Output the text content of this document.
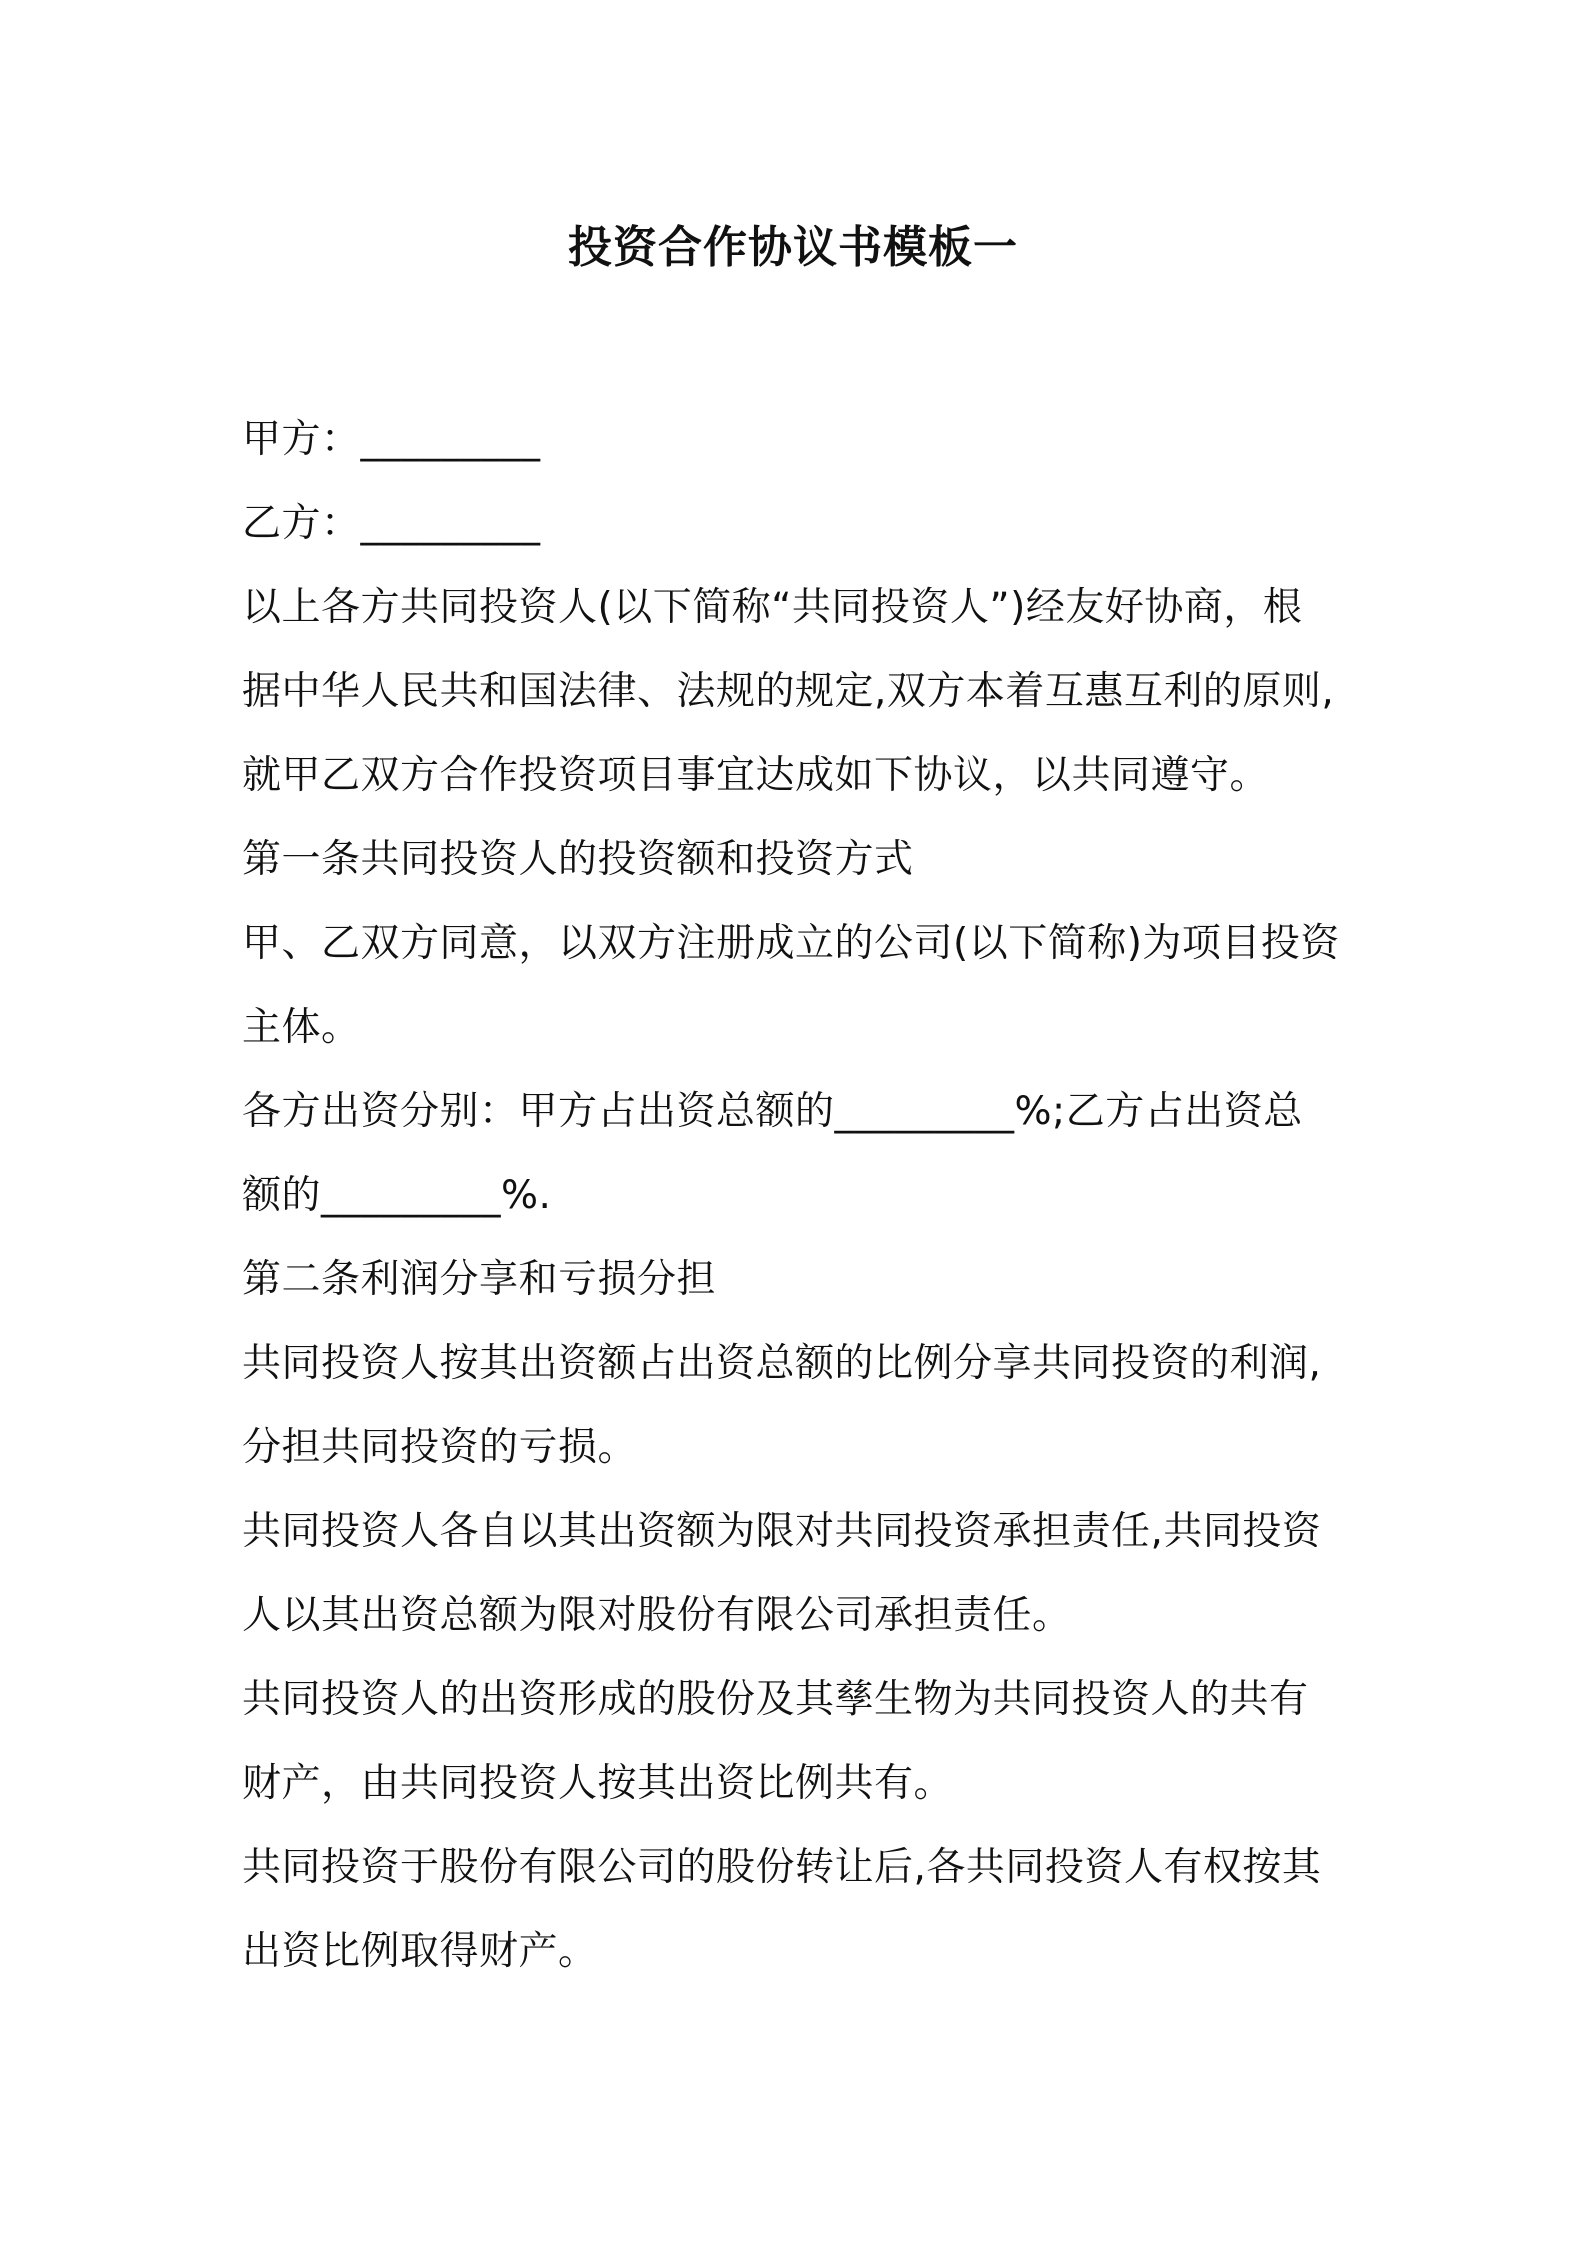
投资合作协议书模板一

甲方：_________

乙方：_________

以上各方共同投资人(以下简称“共同投资人”)经友好协商，根
据中华人民共和国法律、法规的规定,双方本着互惠互利的原则,
就甲乙双方合作投资项目事宜达成如下协议，以共同遵守。

第一条共同投资人的投资额和投资方式

甲、乙双方同意，以双方注册成立的公司(以下简称)为项目投资
主体。

各方出资分别：甲方占出资总额的_________%;乙方占出资总
额的_________%.

第二条利润分享和亏损分担

共同投资人按其出资额占出资总额的比例分享共同投资的利润,
分担共同投资的亏损。

共同投资人各自以其出资额为限对共同投资承担责任,共同投资
人以其出资总额为限对股份有限公司承担责任。

共同投资人的出资形成的股份及其孳生物为共同投资人的共有
财产，由共同投资人按其出资比例共有。

共同投资于股份有限公司的股份转让后,各共同投资人有权按其
出资比例取得财产。
